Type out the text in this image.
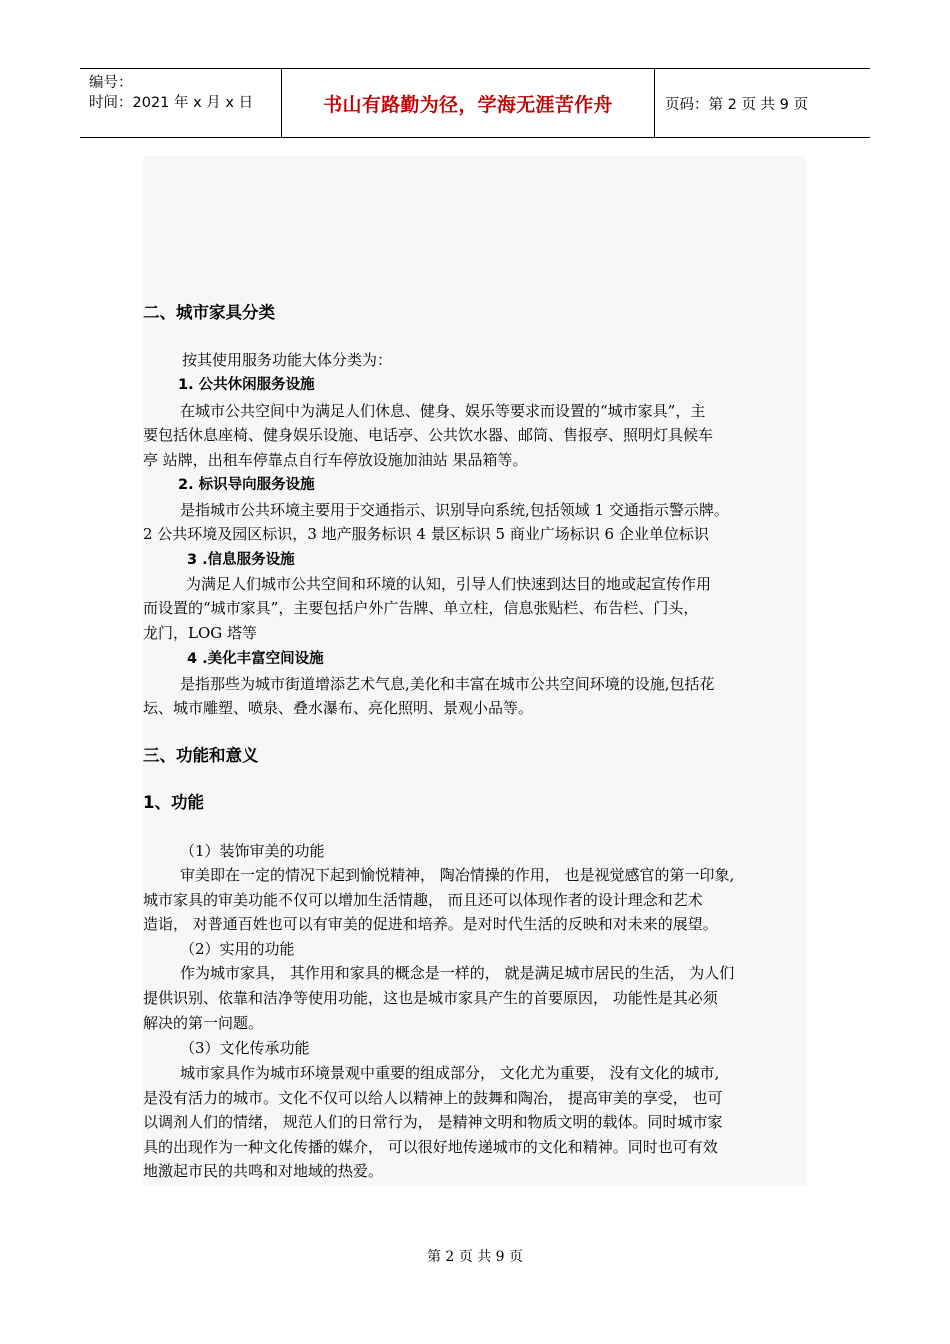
编号：
时间：2021 年 x 月 x 日	书山有路勤为径，学海无涯苦作舟	页码：第 2 页 共 9 页
二、城市家具分类
按其使用服务功能大体分类为：
1. 公共休闲服务设施
在城市公共空间中为满足人们休息、健身、娱乐等要求而设置的“城市家具”，主
要包括休息座椅、健身娱乐设施、电话亭、公共饮水器、邮筒、售报亭、照明灯具候车
亭 站牌，出租车停靠点自行车停放设施加油站 果品箱等。
2. 标识导向服务设施
是指城市公共环境主要用于交通指示、识别导向系统,包括领域 1 交通指示警示牌。
2 公共环境及园区标识，3 地产服务标识 4 景区标识 5 商业广场标识 6 企业单位标识
3 .信息服务设施
为满足人们城市公共空间和环境的认知，引导人们快速到达目的地或起宣传作用
而设置的“城市家具”，主要包括户外广告牌、单立柱，信息张贴栏、布告栏、门头，
龙门，LOG 塔等
4 .美化丰富空间设施
是指那些为城市街道增添艺术气息,美化和丰富在城市公共空间环境的设施,包括花
坛、城市雕塑、喷泉、叠水瀑布、亮化照明、景观小品等。
三、功能和意义
1、功能
（1）装饰审美的功能
审美即在一定的情况下起到愉悦精神， 陶冶情操的作用， 也是视觉感官的第一印象,
城市家具的审美功能不仅可以增加生活情趣， 而且还可以体现作者的设计理念和艺术
造诣， 对普通百姓也可以有审美的促进和培养。是对时代生活的反映和对未来的展望。
（2）实用的功能
作为城市家具， 其作用和家具的概念是一样的， 就是满足城市居民的生活， 为人们
提供识别、依靠和洁净等使用功能，这也是城市家具产生的首要原因， 功能性是其必须
解决的第一问题。
（3）文化传承功能
城市家具作为城市环境景观中重要的组成部分， 文化尤为重要， 没有文化的城市,
是没有活力的城市。文化不仅可以给人以精神上的鼓舞和陶冶， 提高审美的享受， 也可
以调剂人们的情绪， 规范人们的日常行为， 是精神文明和物质文明的载体。同时城市家
具的出现作为一种文化传播的媒介， 可以很好地传递城市的文化和精神。同时也可有效
地激起市民的共鸣和对地域的热爱。
第 2 页 共 9 页
